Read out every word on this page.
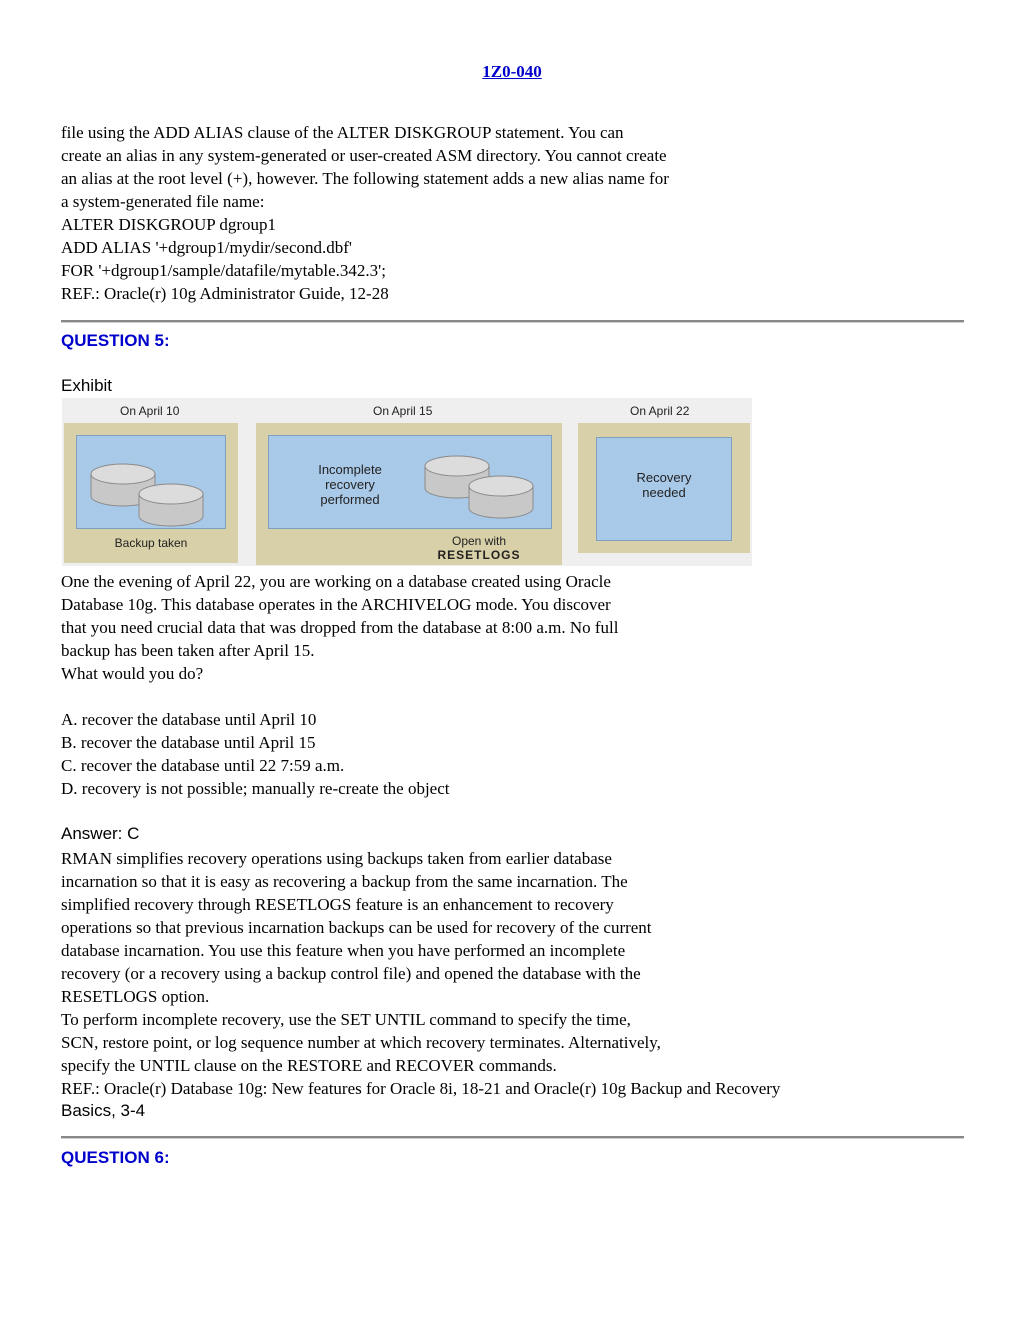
1Z0-040
file using the ADD ALIAS clause of the ALTER DISKGROUP statement. You can
create an alias in any system-generated or user-created ASM directory. You cannot create
an alias at the root level (+), however. The following statement adds a new alias name for
a system-generated file name:
ALTER DISKGROUP dgroup1
ADD ALIAS '+dgroup1/mydir/second.dbf'
FOR '+dgroup1/sample/datafile/mytable.342.3';
REF.: Oracle(r) 10g Administrator Guide, 12-28
QUESTION 5:
Exhibit
On April 10	On April 15	On April 22
Backup taken
Incomplete
recovery
performed
Open with
RESETLOGS
Recovery
needed
One the evening of April 22, you are working on a database created using Oracle
Database 10g. This database operates in the ARCHIVELOG mode. You discover
that you need crucial data that was dropped from the database at 8:00 a.m. No full
backup has been taken after April 15.
What would you do?
A. recover the database until April 10
B. recover the database until April 15
C. recover the database until 22 7:59 a.m.
D. recovery is not possible; manually re-create the object
Answer: C
RMAN simplifies recovery operations using backups taken from earlier database
incarnation so that it is easy as recovering a backup from the same incarnation. The
simplified recovery through RESETLOGS feature is an enhancement to recovery
operations so that previous incarnation backups can be used for recovery of the current
database incarnation. You use this feature when you have performed an incomplete
recovery (or a recovery using a backup control file) and opened the database with the
RESETLOGS option.
To perform incomplete recovery, use the SET UNTIL command to specify the time,
SCN, restore point, or log sequence number at which recovery terminates. Alternatively,
specify the UNTIL clause on the RESTORE and RECOVER commands.
REF.: Oracle(r) Database 10g: New features for Oracle 8i, 18-21 and Oracle(r) 10g Backup and Recovery
Basics, 3-4
QUESTION 6:
